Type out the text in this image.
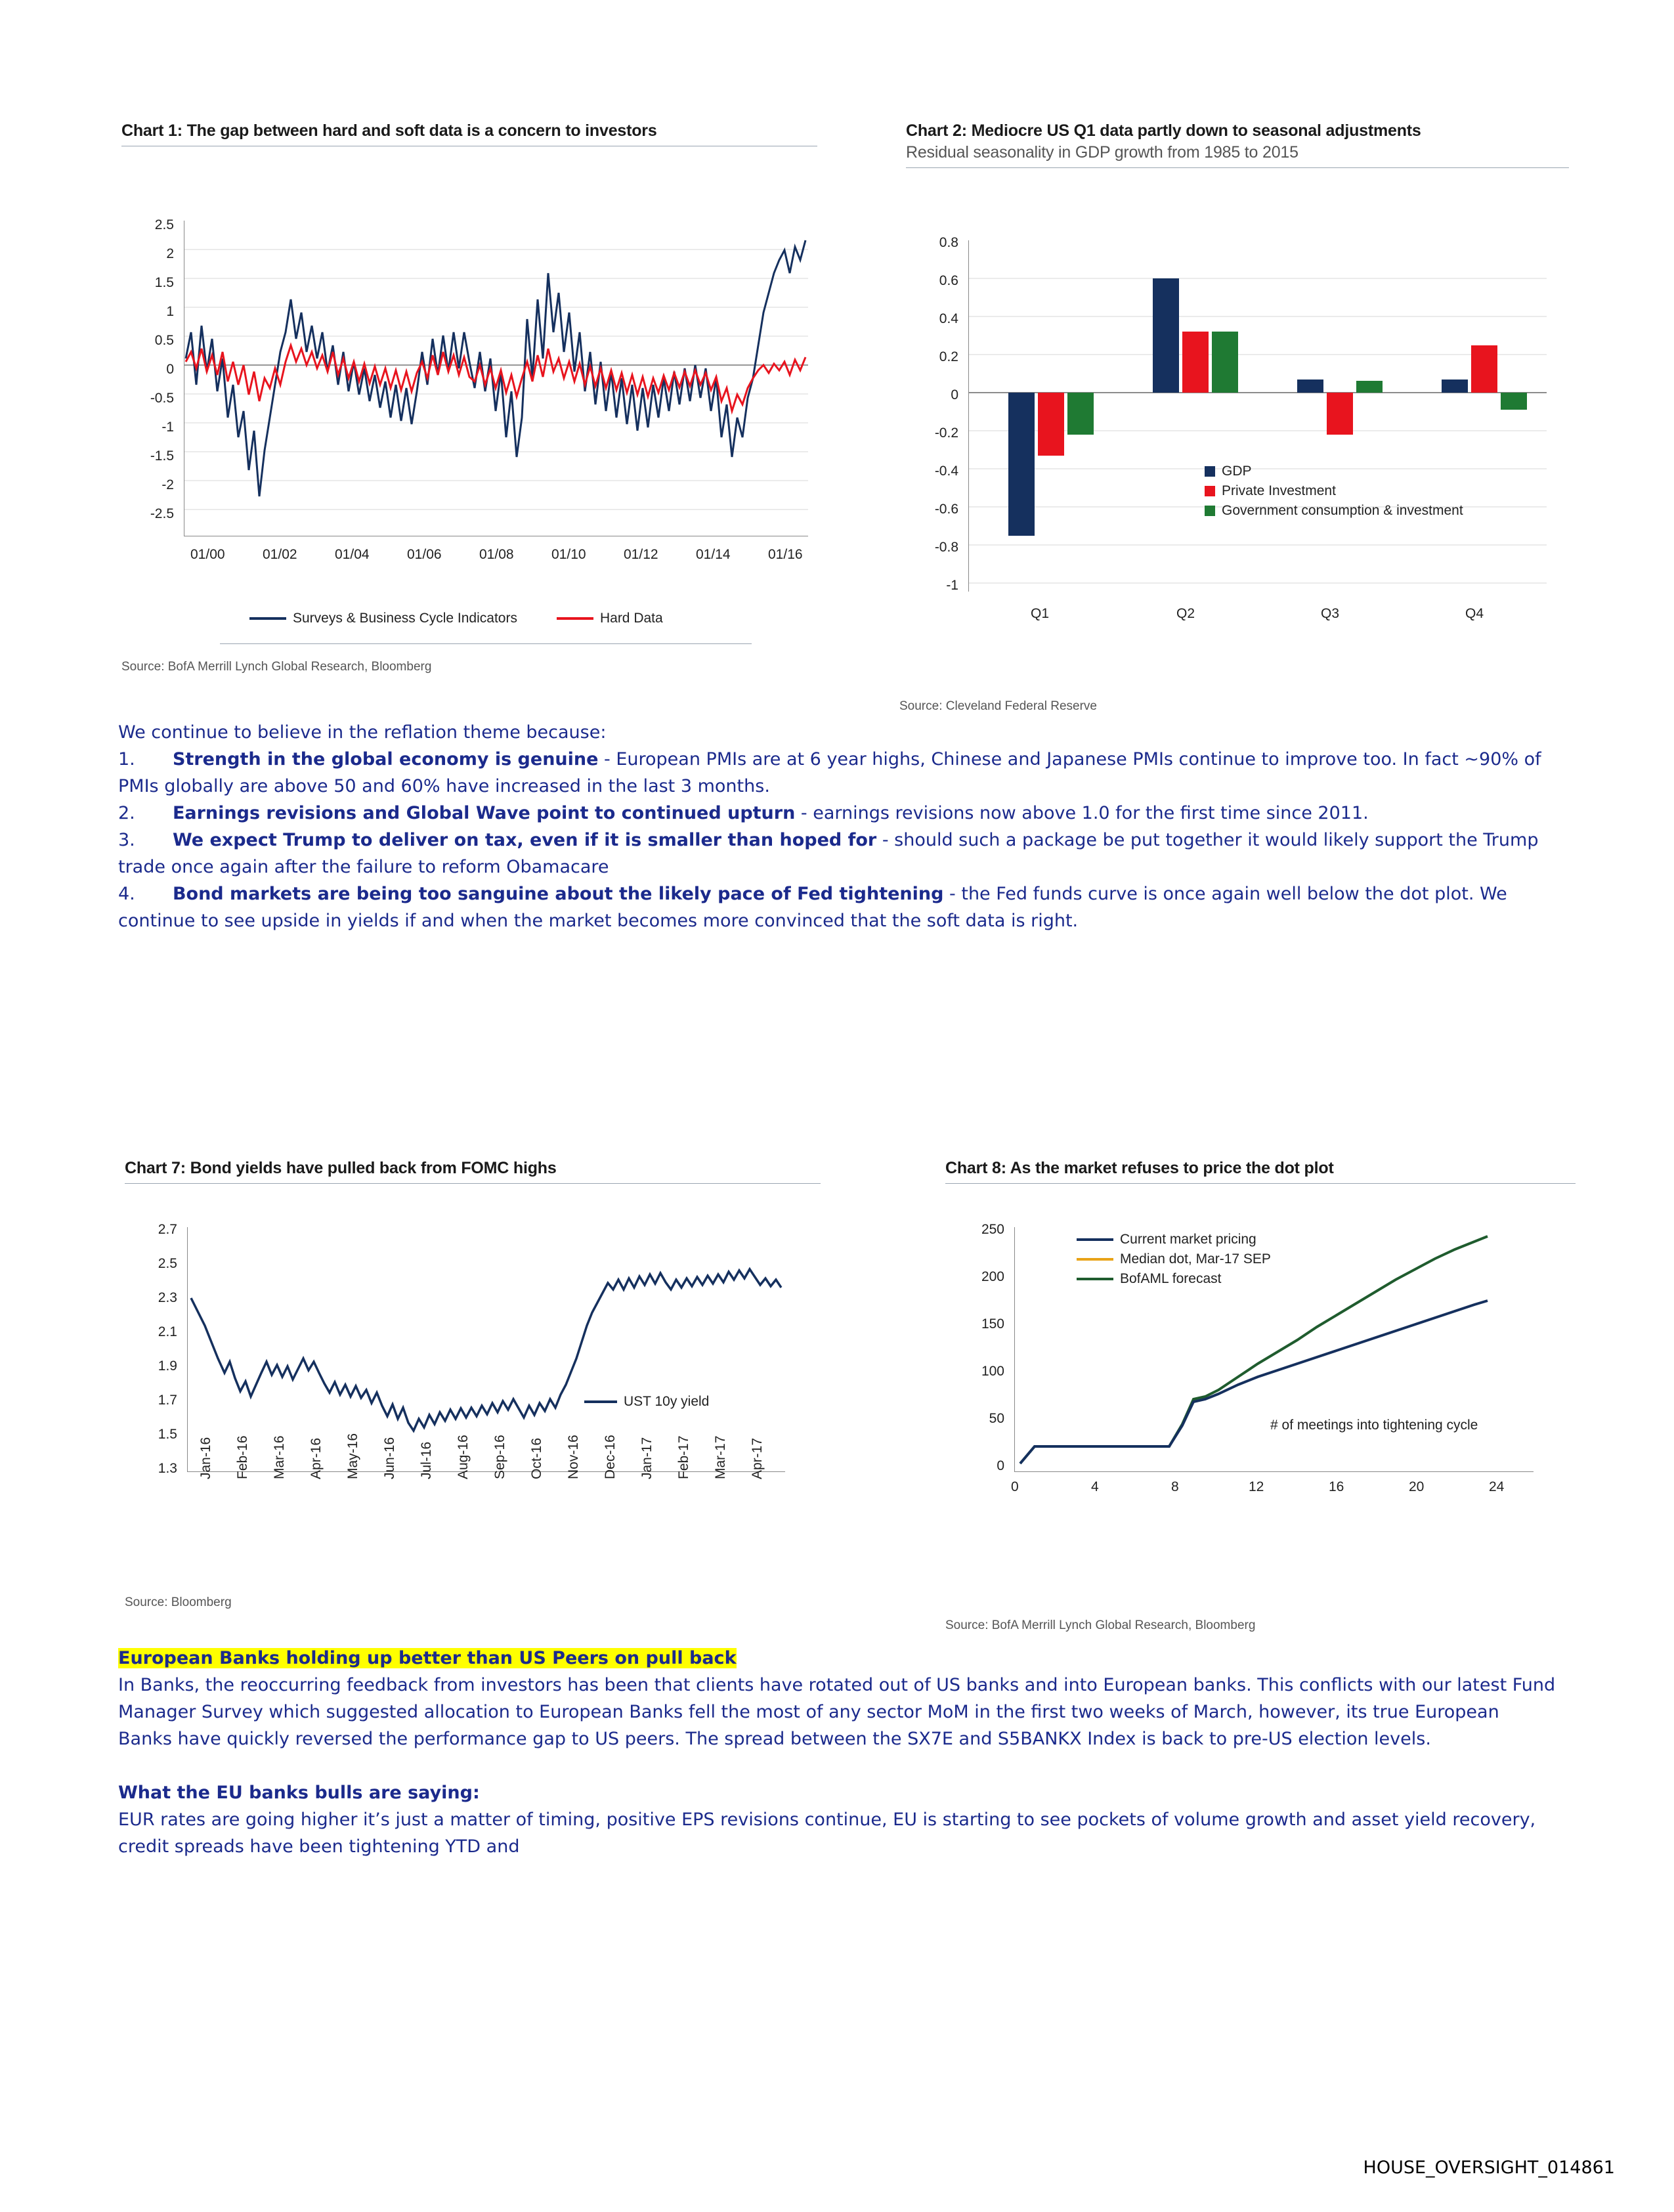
Chart 1: The gap between hard and soft data is a concern to investors
2.5
2
1.5
1
0.5
0
-0.5
-1
-1.5
-2
-2.5
01/00	01/02	01/04	01/06	01/08	01/10	01/12	01/14	01/16
Surveys & Business Cycle Indicators	Hard Data
Source: BofA Merrill Lynch Global Research, Bloomberg
Chart 2: Mediocre US Q1 data partly down to seasonal adjustments
Residual seasonality in GDP growth from 1985 to 2015
0.8
0.6
0.4
0.2
0
-0.2
-0.4
-0.6
-0.8
-1
Q1	Q2	Q3	Q4
GDP
Private Investment
Government consumption & investment
Source: Cleveland Federal Reserve

We continue to believe in the reflation theme because:

1. Strength in the global economy is genuine - European PMIs are at 6 year highs, Chinese and Japanese PMIs continue to improve too. In fact ~90% of PMIs globally are above 50 and 60% have increased in the last 3 months.

2. Earnings revisions and Global Wave point to continued upturn - earnings revisions now above 1.0 for the first time since 2011.

3. We expect Trump to deliver on tax, even if it is smaller than hoped for - should such a package be put together it would likely support the Trump trade once again after the failure to reform Obamacare

4. Bond markets are being too sanguine about the likely pace of Fed tightening - the Fed funds curve is once again well below the dot plot. We continue to see upside in yields if and when the market becomes more convinced that the soft data is right.

Chart 7: Bond yields have pulled back from FOMC highs
2.7
2.5
2.3
2.1
1.9
1.7
1.5
1.3
UST 10y yield
Jan-16 Feb-16 Mar-16 Apr-16 May-16 Jun-16 Jul-16 Aug-16 Sep-16 Oct-16 Nov-16 Dec-16 Jan-17 Feb-17 Mar-17 Apr-17
Source: Bloomberg
Chart 8: As the market refuses to price the dot plot
250
200
150
100
50
0
Current market pricing
Median dot, Mar-17 SEP
BofAML forecast
# of meetings into tightening cycle
0	4	8	12	16	20	24
Source: BofA Merrill Lynch Global Research, Bloomberg

European Banks holding up better than US Peers on pull back

In Banks, the reoccurring feedback from investors has been that clients have rotated out of US banks and into European banks. This conflicts with our latest Fund Manager Survey which suggested allocation to European Banks fell the most of any sector MoM in the first two weeks of March, however, its true European Banks have quickly reversed the performance gap to US peers. The spread between the SX7E and S5BANKX Index is back to pre-US election levels.

What the EU banks bulls are saying:

EUR rates are going higher it’s just a matter of timing, positive EPS revisions continue, EU is starting to see pockets of volume growth and asset yield recovery, credit spreads have been tightening YTD and

HOUSE_OVERSIGHT_014861
